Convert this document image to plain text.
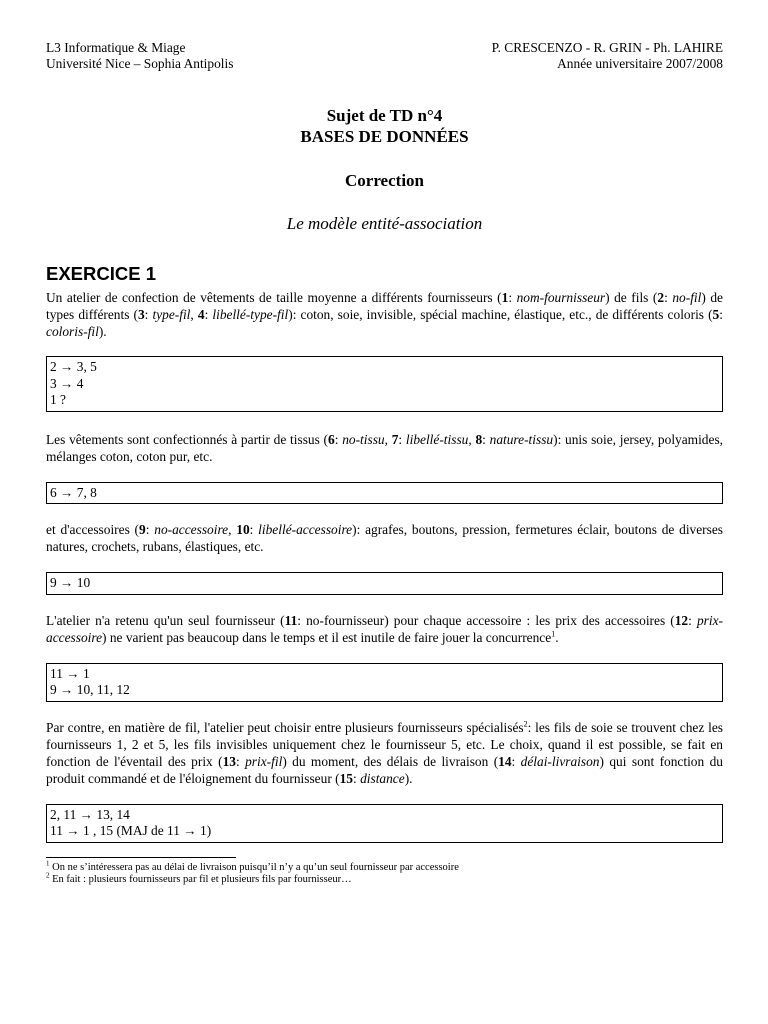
L3 Informatique & Miage
Université Nice – Sophia Antipolis
P. CRESCENZO - R. GRIN - Ph. LAHIRE
Année universitaire 2007/2008
Sujet de TD n°4
BASES DE DONNÉES
Correction
Le modèle entité-association
EXERCICE 1

Un atelier de confection de vêtements de taille moyenne a différents fournisseurs (1: nom-fournisseur) de fils (2: no-fil) de types différents (3: type-fil, 4: libellé-type-fil): coton, soie, invisible, spécial machine, élastique, etc., de différents coloris (5: coloris-fil).

2 → 3, 5
3 → 4
1 ?

Les vêtements sont confectionnés à partir de tissus (6: no-tissu, 7: libellé-tissu, 8: nature-tissu): unis soie, jersey, polyamides, mélanges coton, coton pur, etc.

6 → 7, 8

et d'accessoires (9: no-accessoire, 10: libellé-accessoire): agrafes, boutons, pression, fermetures éclair, boutons de diverses natures, crochets, rubans, élastiques, etc.

9 → 10

L'atelier n'a retenu qu'un seul fournisseur (11: no-fournisseur) pour chaque accessoire : les prix des accessoires (12: prix-accessoire) ne varient pas beaucoup dans le temps et il est inutile de faire jouer la concurrence$^1$.

11 → 1
9 → 10, 11, 12

Par contre, en matière de fil, l'atelier peut choisir entre plusieurs fournisseurs spécialisés$^2$: les fils de soie se trouvent chez les fournisseurs 1, 2 et 5, les fils invisibles uniquement chez le fournisseur 5, etc. Le choix, quand il est possible, se fait en fonction de l'éventail des prix (13: prix-fil) du moment, des délais de livraison (14: délai-livraison) qui sont fonction du produit commandé et de l'éloignement du fournisseur (15: distance).

2, 11 → 13, 14
11 → 1 , 15 (MAJ de 11 → 1)

$^1$ On ne s’intéressera pas au délai de livraison puisqu’il n’y a qu’un seul fournisseur par accessoire

$^2$ En fait : plusieurs fournisseurs par fil et plusieurs fils par fournisseur…
